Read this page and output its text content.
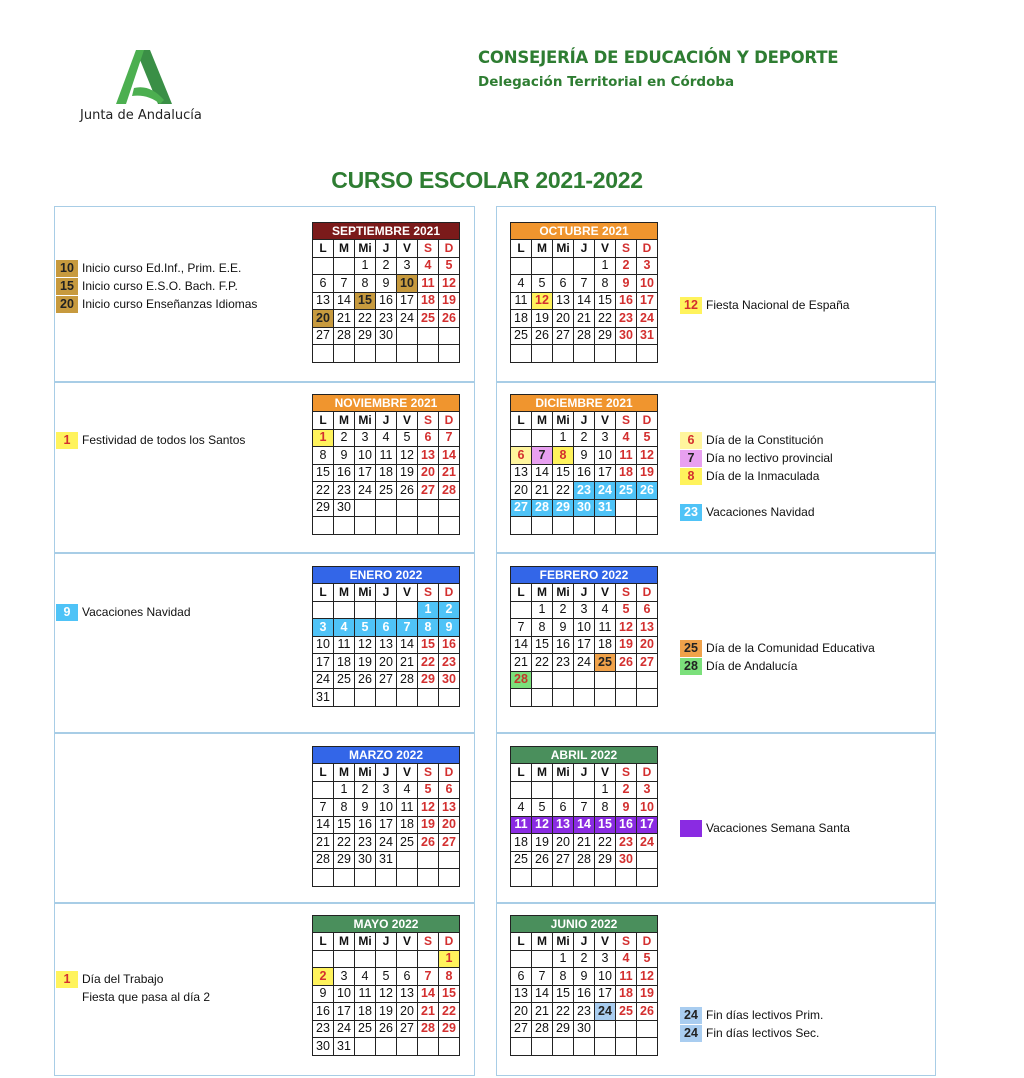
Junta de Andalucía
CONSEJERÍA DE EDUCACIÓN Y DEPORTE
Delegación Territorial en Córdoba
CURSO ESCOLAR 2021-2022
SEPTIEMBRE 2021						
L	M	Mi	J	V	S	D
		1	2	3	4	5
6	7	8	9	10	11	12
13	14	15	16	17	18	19
20	21	22	23	24	25	26
27	28	29	30			

OCTUBRE 2021						
L	M	Mi	J	V	S	D
				1	2	3
4	5	6	7	8	9	10
11	12	13	14	15	16	17
18	19	20	21	22	23	24
25	26	27	28	29	30	31

NOVIEMBRE 2021						
L	M	Mi	J	V	S	D
1	2	3	4	5	6	7
8	9	10	11	12	13	14
15	16	17	18	19	20	21
22	23	24	25	26	27	28
29	30					

DICIEMBRE 2021						
L	M	Mi	J	V	S	D
		1	2	3	4	5
6	7	8	9	10	11	12
13	14	15	16	17	18	19
20	21	22	23	24	25	26
27	28	29	30	31		

ENERO 2022						
L	M	Mi	J	V	S	D
					1	2
3	4	5	6	7	8	9
10	11	12	13	14	15	16
17	18	19	20	21	22	23
24	25	26	27	28	29	30
31						
FEBRERO 2022						
L	M	Mi	J	V	S	D
	1	2	3	4	5	6
7	8	9	10	11	12	13
14	15	16	17	18	19	20
21	22	23	24	25	26	27
28						

MARZO 2022						
L	M	Mi	J	V	S	D
	1	2	3	4	5	6
7	8	9	10	11	12	13
14	15	16	17	18	19	20
21	22	23	24	25	26	27
28	29	30	31			

ABRIL 2022						
L	M	Mi	J	V	S	D
				1	2	3
4	5	6	7	8	9	10
11	12	13	14	15	16	17
18	19	20	21	22	23	24
25	26	27	28	29	30	

MAYO 2022						
L	M	Mi	J	V	S	D
						1
2	3	4	5	6	7	8
9	10	11	12	13	14	15
16	17	18	19	20	21	22
23	24	25	26	27	28	29
30	31					
JUNIO 2022						
L	M	Mi	J	V	S	D
		1	2	3	4	5
6	7	8	9	10	11	12
13	14	15	16	17	18	19
20	21	22	23	24	25	26
27	28	29	30			

10 Inicio curso Ed.Inf., Prim. E.E.
15 Inicio curso E.S.O. Bach. F.P.
20 Inicio curso Enseñanzas Idiomas	12 Fiesta Nacional de España
1 Festividad de todos los Santos	6 Día de la Constitución
7 Día no lectivo provincial
8 Día de la Inmaculada
23 Vacaciones Navidad
9 Vacaciones Navidad
25 Día de la Comunidad Educativa
28 Día de Andalucía
Vacaciones Semana Santa
1 Día del Trabajo
Fiesta que pasa al día 2
24 Fin días lectivos Prim.
24 Fin días lectivos Sec.
